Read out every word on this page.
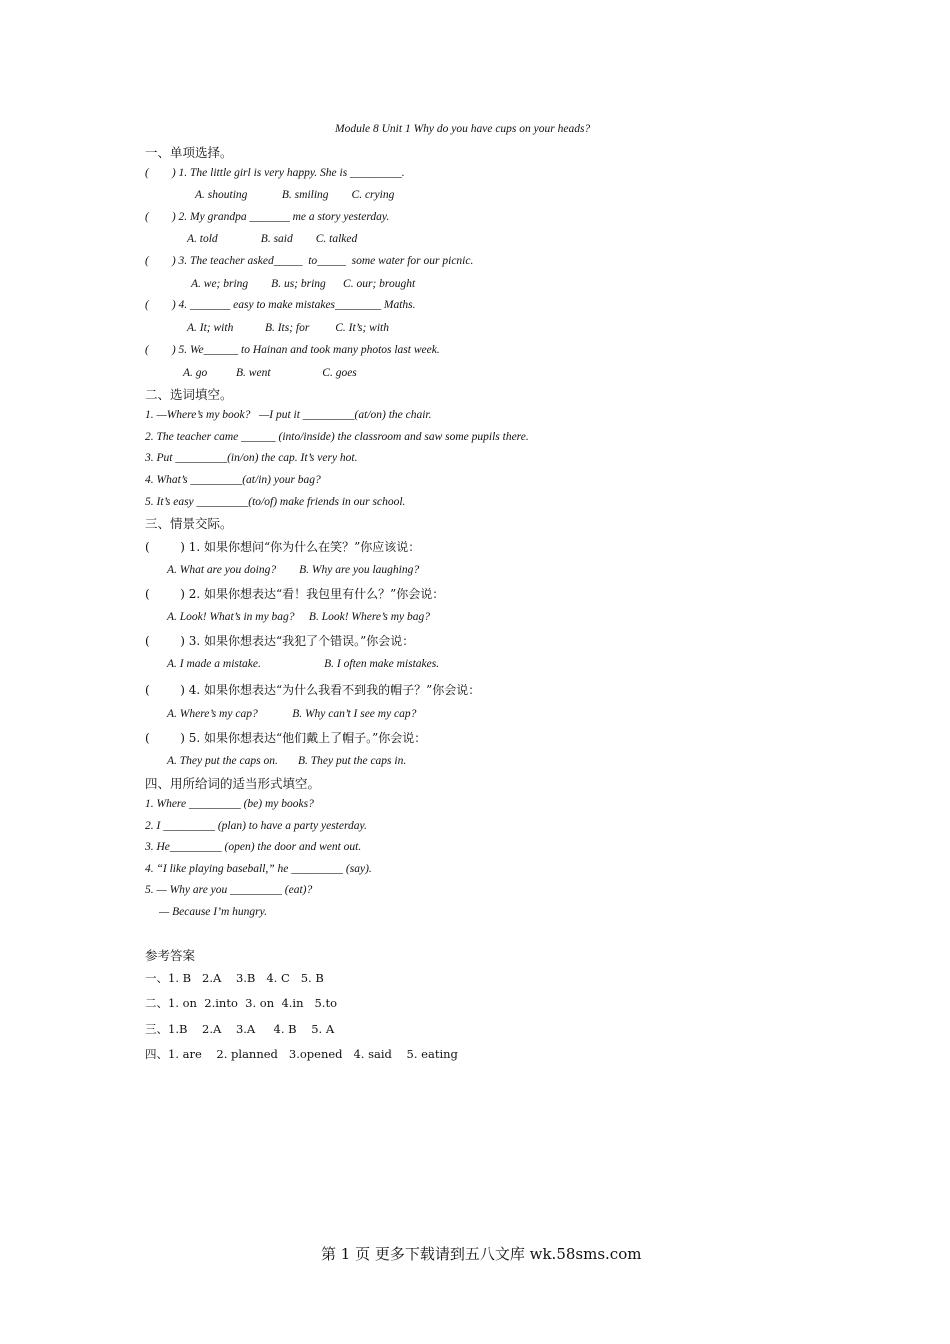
Module 8 Unit 1 Why do you have cups on your heads?
一、单项选择。
(        ) 1. The little girl is very happy. She is _________.
A. shouting            B. smiling        C. crying
(        ) 2. My grandpa _______ me a story yesterday.
A. told               B. said        C. talked
(        ) 3. The teacher asked_____  to_____  some water for our picnic.
A. we; bring        B. us; bring      C. our; brought
(        ) 4. _______ easy to make mistakes________ Maths.
A. It; with           B. Its; for         C. It’s; with
(        ) 5. We______ to Hainan and took many photos last week.
A. go          B. went                  C. goes
二、选词填空。
1. —Where’s my book?   —I put it _________(at/on) the chair.
2. The teacher came ______ (into/inside) the classroom and saw some pupils there.
3. Put _________(in/on) the cap. It’s very hot.
4. What’s _________(at/in) your bag?
5. It’s easy _________(to/of) make friends in our school.
三、情景交际。
(        ) 1. 如果你想问“你为什么在笑？”你应该说：
A. What are you doing?        B. Why are you laughing?
(        ) 2. 如果你想表达“看！我包里有什么？”你会说：
A. Look! What’s in my bag?     B. Look! Where’s my bag?
(        ) 3. 如果你想表达“我犯了个错误。”你会说：
A. I made a mistake.                      B. I often make mistakes.
(        ) 4. 如果你想表达“为什么我看不到我的帽子？”你会说：
A. Where’s my cap?            B. Why can’t I see my cap?
(        ) 5. 如果你想表达“他们戴上了帽子。”你会说：
A. They put the caps on.       B. They put the caps in.
四、用所给词的适当形式填空。
1. Where _________ (be) my books?
2. I _________ (plan) to have a party yesterday.
3. He_________ (open) the door and went out.
4. “I like playing baseball,” he _________ (say).
5. — Why are you _________ (eat)?
— Because I’m hungry.
参考答案
一、1. B   2.A    3.B   4. C   5. B
二、1. on  2.into  3. on  4.in   5.to
三、1.B    2.A    3.A     4. B    5. A
四、1. are    2. planned   3.opened   4. said    5. eating
第 1 页 更多下载请到五八文库 wk.58sms.com
